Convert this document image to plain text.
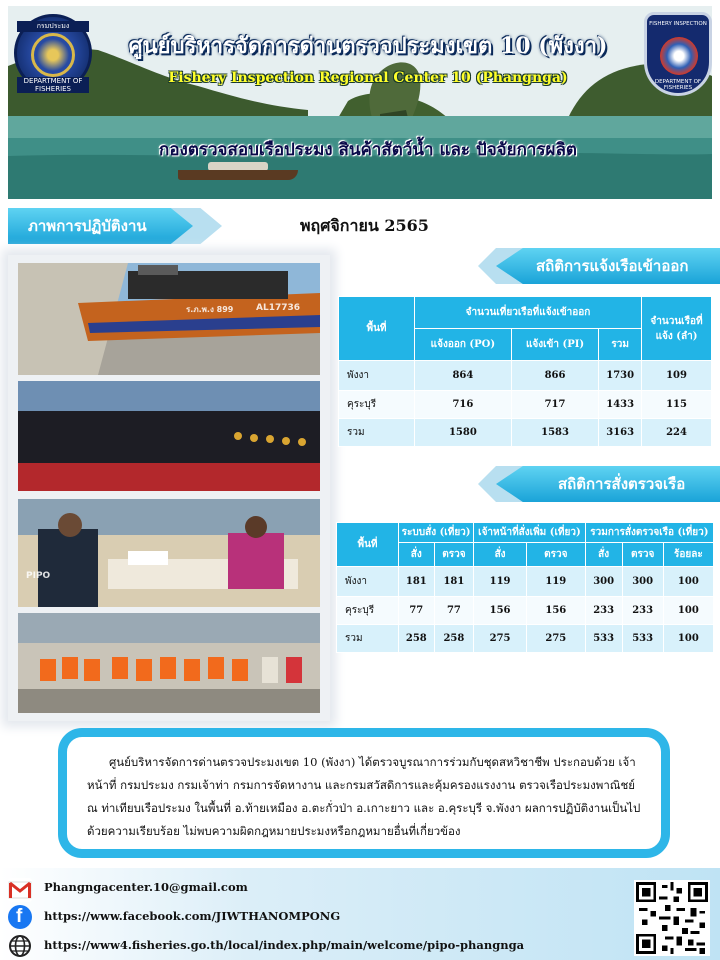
กรมประมง
DEPARTMENT OF FISHERIES
FISHERY INSPECTION
DEPARTMENT OF FISHERIES
ศูนย์บริหารจัดการด่านตรวจประมงเขต 10 (พังงา)
Fishery Inspection Regional Center 10 (Phangnga)
กองตรวจสอบเรือประมง สินค้าสัตว์น้ำ และ ปัจจัยการผลิต
ภาพการปฏิบัติงาน	พฤศจิกายน 2565
ร.ภ.พ.ง 899	AL17736
PIPO
สถิติการแจ้งเรือเข้าออก
พื้นที่	จำนวนเที่ยวเรือที่แจ้งเข้าออก			จำนวนเรือที่แจ้ง (ลำ)
	แจ้งออก (PO)	แจ้งเข้า (PI)	รวม	
พังงา	864	866	1730	109
คุระบุรี	716	717	1433	115
รวม	1580	1583	3163	224
สถิติการสั่งตรวจเรือ
พื้นที่	ระบบสั่ง (เที่ยว)		เจ้าหน้าที่สั่งเพิ่ม (เที่ยว)		รวมการสั่งตรวจเรือ (เที่ยว)		
	สั่ง	ตรวจ	สั่ง	ตรวจ	สั่ง	ตรวจ	ร้อยละ
พังงา	181	181	119	119	300	300	100
คุระบุรี	77	77	156	156	233	233	100
รวม	258	258	275	275	533	533	100

ศูนย์บริหารจัดการด่านตรวจประมงเขต 10 (พังงา) ได้ตรวจบูรณาการร่วมกับชุดสหวิชาชีพ ประกอบด้วย เจ้าหน้าที่ กรมประมง กรมเจ้าท่า กรมการจัดหางาน และกรมสวัสดิการและคุ้มครองแรงงาน ตรวจเรือประมงพาณิชย์ ณ ท่าเทียบเรือประมง ในพื้นที่ อ.ท้ายเหมือง อ.ตะกั่วป่า อ.เกาะยาว และ อ.คุระบุรี จ.พังงา ผลการปฏิบัติงานเป็นไปด้วยความเรียบร้อย ไม่พบความผิดกฎหมายประมงหรือกฎหมายอื่นที่เกี่ยวข้อง

Phangngacenter.10@gmail.com
f https://www.facebook.com/JIWTHANOMPONG
https://www4.fisheries.go.th/local/index.php/main/welcome/pipo-phangnga
